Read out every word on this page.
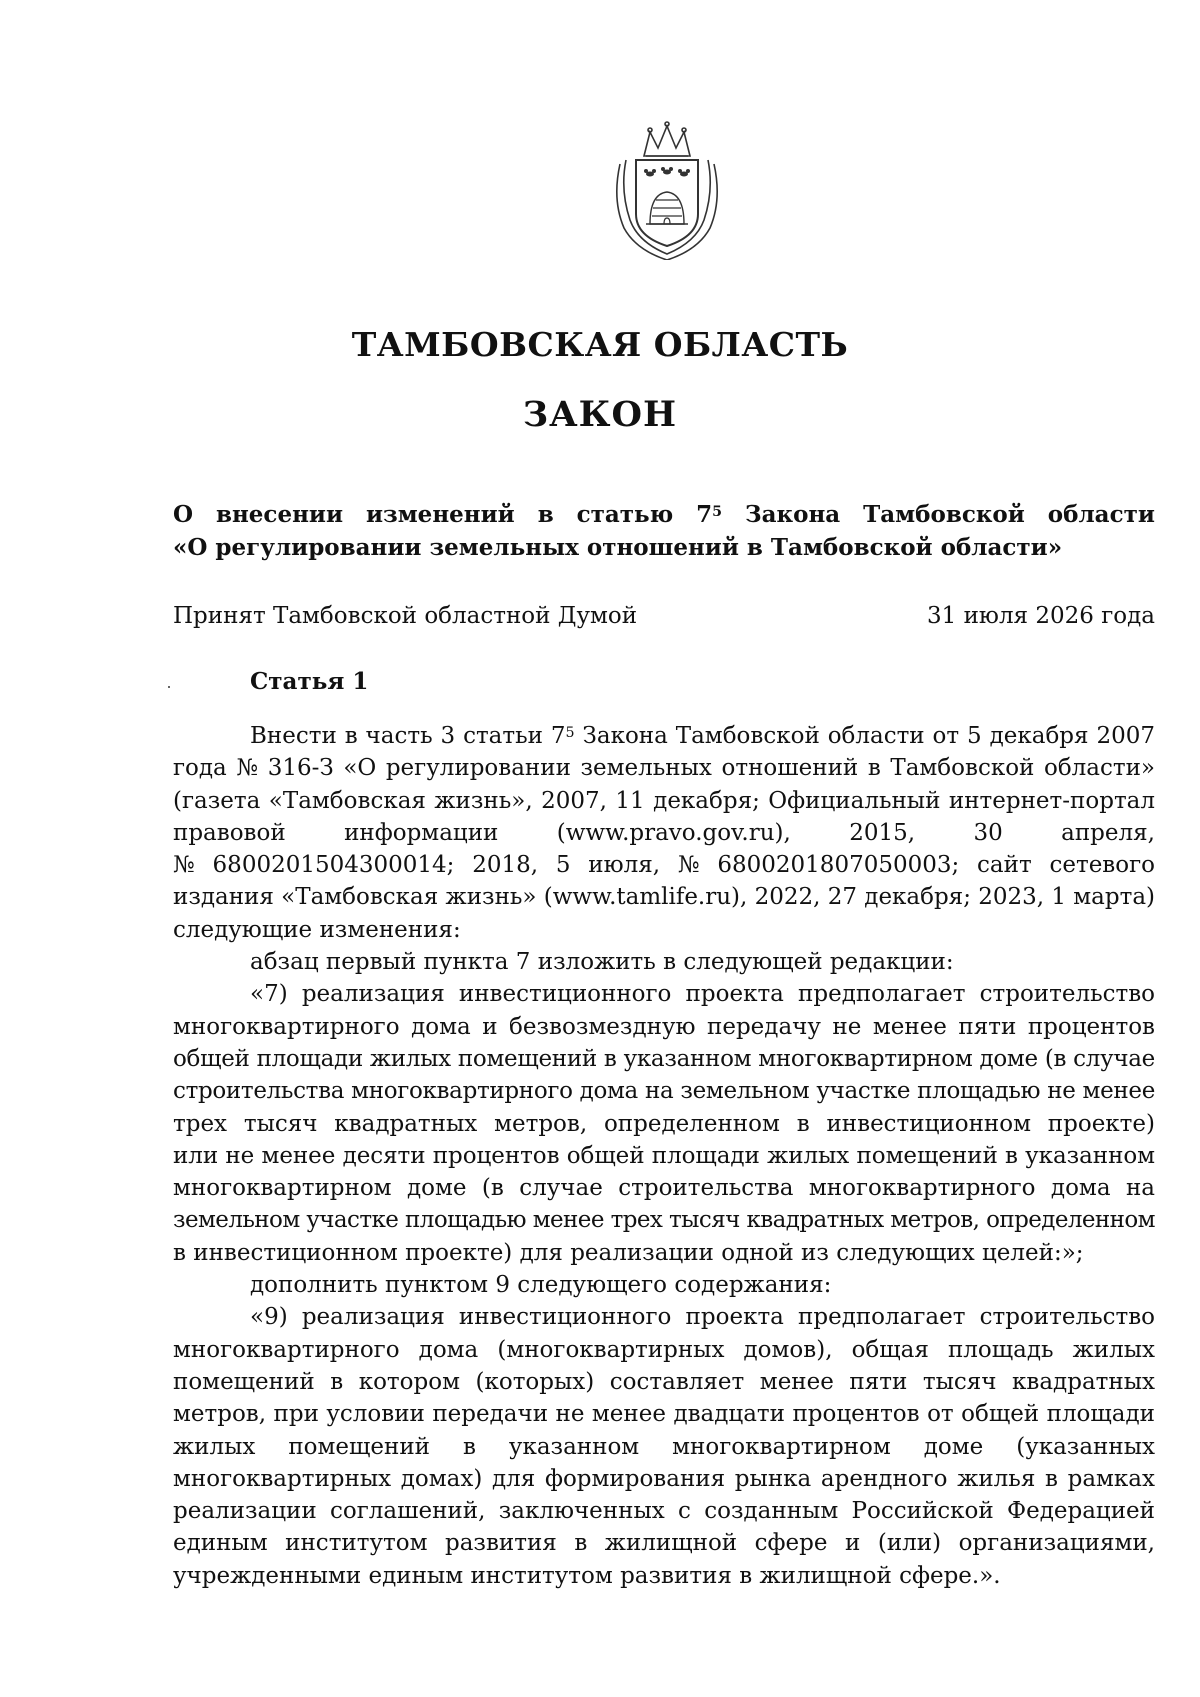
ТАМБОВСКАЯ ОБЛАСТЬ
ЗАКОН
О внесении изменений в статью $7^5$ Закона Тамбовской области
«О регулировании земельных отношений в Тамбовской области»
Принят Тамбовской областной Думой	31 июля 2026 года
Статья 1
Внести в часть 3 статьи $7^5$ Закона Тамбовской области от 5 декабря 2007
года № 316-З «О регулировании земельных отношений в Тамбовской области»
(газета «Тамбовская жизнь», 2007, 11 декабря; Официальный интернет-портал
правовой	информации	(www.pravo.gov.ru),	2015,	30	апреля,
№ 6800201504300014; 2018, 5 июля, № 6800201807050003; сайт сетевого
издания «Тамбовская жизнь» (www.tamlife.ru), 2022, 27 декабря; 2023, 1 марта)
следующие изменения:
абзац первый пункта 7 изложить в следующей редакции:
«7) реализация инвестиционного проекта предполагает строительство
многоквартирного дома и безвозмездную передачу не менее пяти процентов
общей площади жилых помещений в указанном многоквартирном доме (в случае
строительства многоквартирного дома на земельном участке площадью не менее
трех тысяч квадратных метров, определенном в инвестиционном проекте)
или не менее десяти процентов общей площади жилых помещений в указанном
многоквартирном доме (в случае строительства многоквартирного дома на
земельном участке площадью менее трех тысяч квадратных метров, определенном
в инвестиционном проекте) для реализации одной из следующих целей:»;
дополнить пунктом 9 следующего содержания:
«9) реализация инвестиционного проекта предполагает строительство
многоквартирного дома (многоквартирных домов), общая площадь жилых
помещений в котором (которых) составляет менее пяти тысяч квадратных
метров, при условии передачи не менее двадцати процентов от общей площади
жилых помещений в указанном многоквартирном доме (указанных
многоквартирных домах) для формирования рынка арендного жилья в рамках
реализации соглашений, заключенных с созданным Российской Федерацией
единым институтом развития в жилищной сфере и (или) организациями,
учрежденными единым институтом развития в жилищной сфере.».
